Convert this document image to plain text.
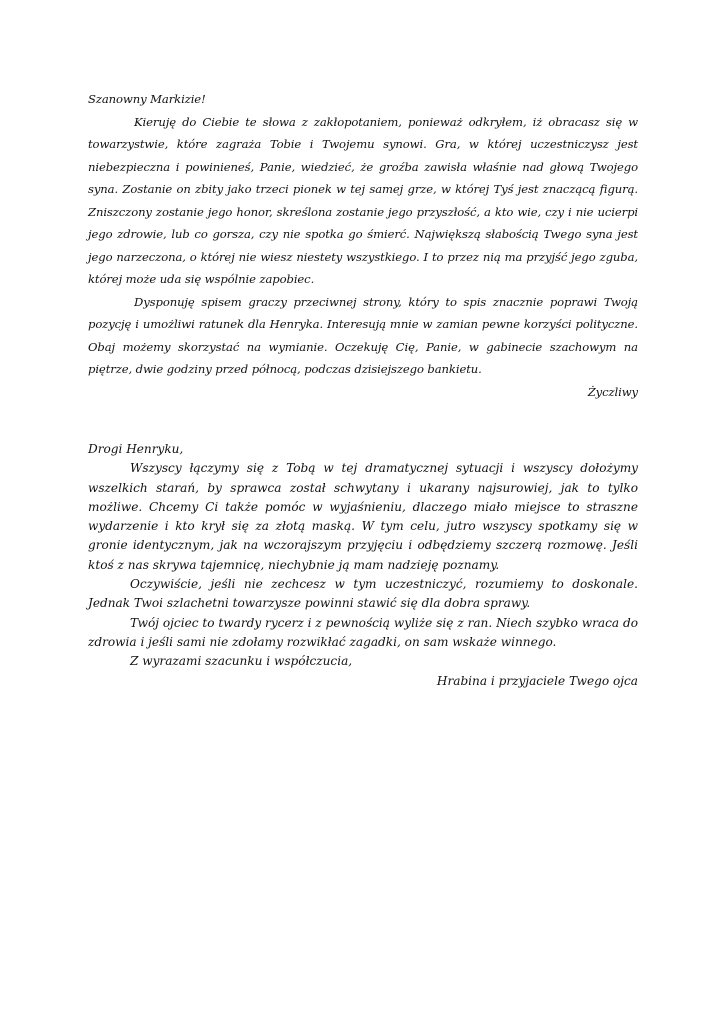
Szanowny Markizie!

Kieruję do Ciebie te słowa z zakłopotaniem, ponieważ odkryłem, iż obracasz się w towarzystwie, które zagraża Tobie i Twojemu synowi. Gra, w której uczestniczysz jest niebezpieczna i powinieneś, Panie, wiedzieć, że groźba zawisła właśnie nad głową Twojego syna. Zostanie on zbity jako trzeci pionek w tej samej grze, w której Tyś jest znaczącą figurą. Zniszczony zostanie jego honor, skreślona zostanie jego przyszłość, a kto wie, czy i nie ucierpi jego zdrowie, lub co gorsza, czy nie spotka go śmierć. Największą słabością Twego syna jest jego narzeczona, o której nie wiesz niestety wszystkiego. I to przez nią ma przyjść jego zguba, której może uda się wspólnie zapobiec.

Dysponuję spisem graczy przeciwnej strony, który to spis znacznie poprawi Twoją pozycję i umożliwi ratunek dla Henryka. Interesują mnie w zamian pewne korzyści polityczne. Obaj możemy skorzystać na wymianie. Oczekuję Cię, Panie, w gabinecie szachowym na piętrze, dwie godziny przed północą, podczas dzisiejszego bankietu.

Życzliwy

Drogi Henryku,

Wszyscy łączymy się z Tobą w tej dramatycznej sytuacji i wszyscy dołożymy wszelkich starań, by sprawca został schwytany i ukarany najsurowiej, jak to tylko możliwe. Chcemy Ci także pomóc w wyjaśnieniu, dlaczego miało miejsce to straszne wydarzenie i kto krył się za złotą maską. W tym celu, jutro wszyscy spotkamy się w gronie identycznym, jak na wczorajszym przyjęciu i odbędziemy szczerą rozmowę. Jeśli ktoś z nas skrywa tajemnicę, niechybnie ją mam nadzieję poznamy.

Oczywiście, jeśli nie zechcesz w tym uczestniczyć, rozumiemy to doskonale. Jednak Twoi szlachetni towarzysze powinni stawić się dla dobra sprawy.

Twój ojciec to twardy rycerz i z pewnością wyliże się z ran. Niech szybko wraca do zdrowia i jeśli sami nie zdołamy rozwikłać zagadki, on sam wskaże winnego.

Z wyrazami szacunku i współczucia,

Hrabina i przyjaciele Twego ojca
